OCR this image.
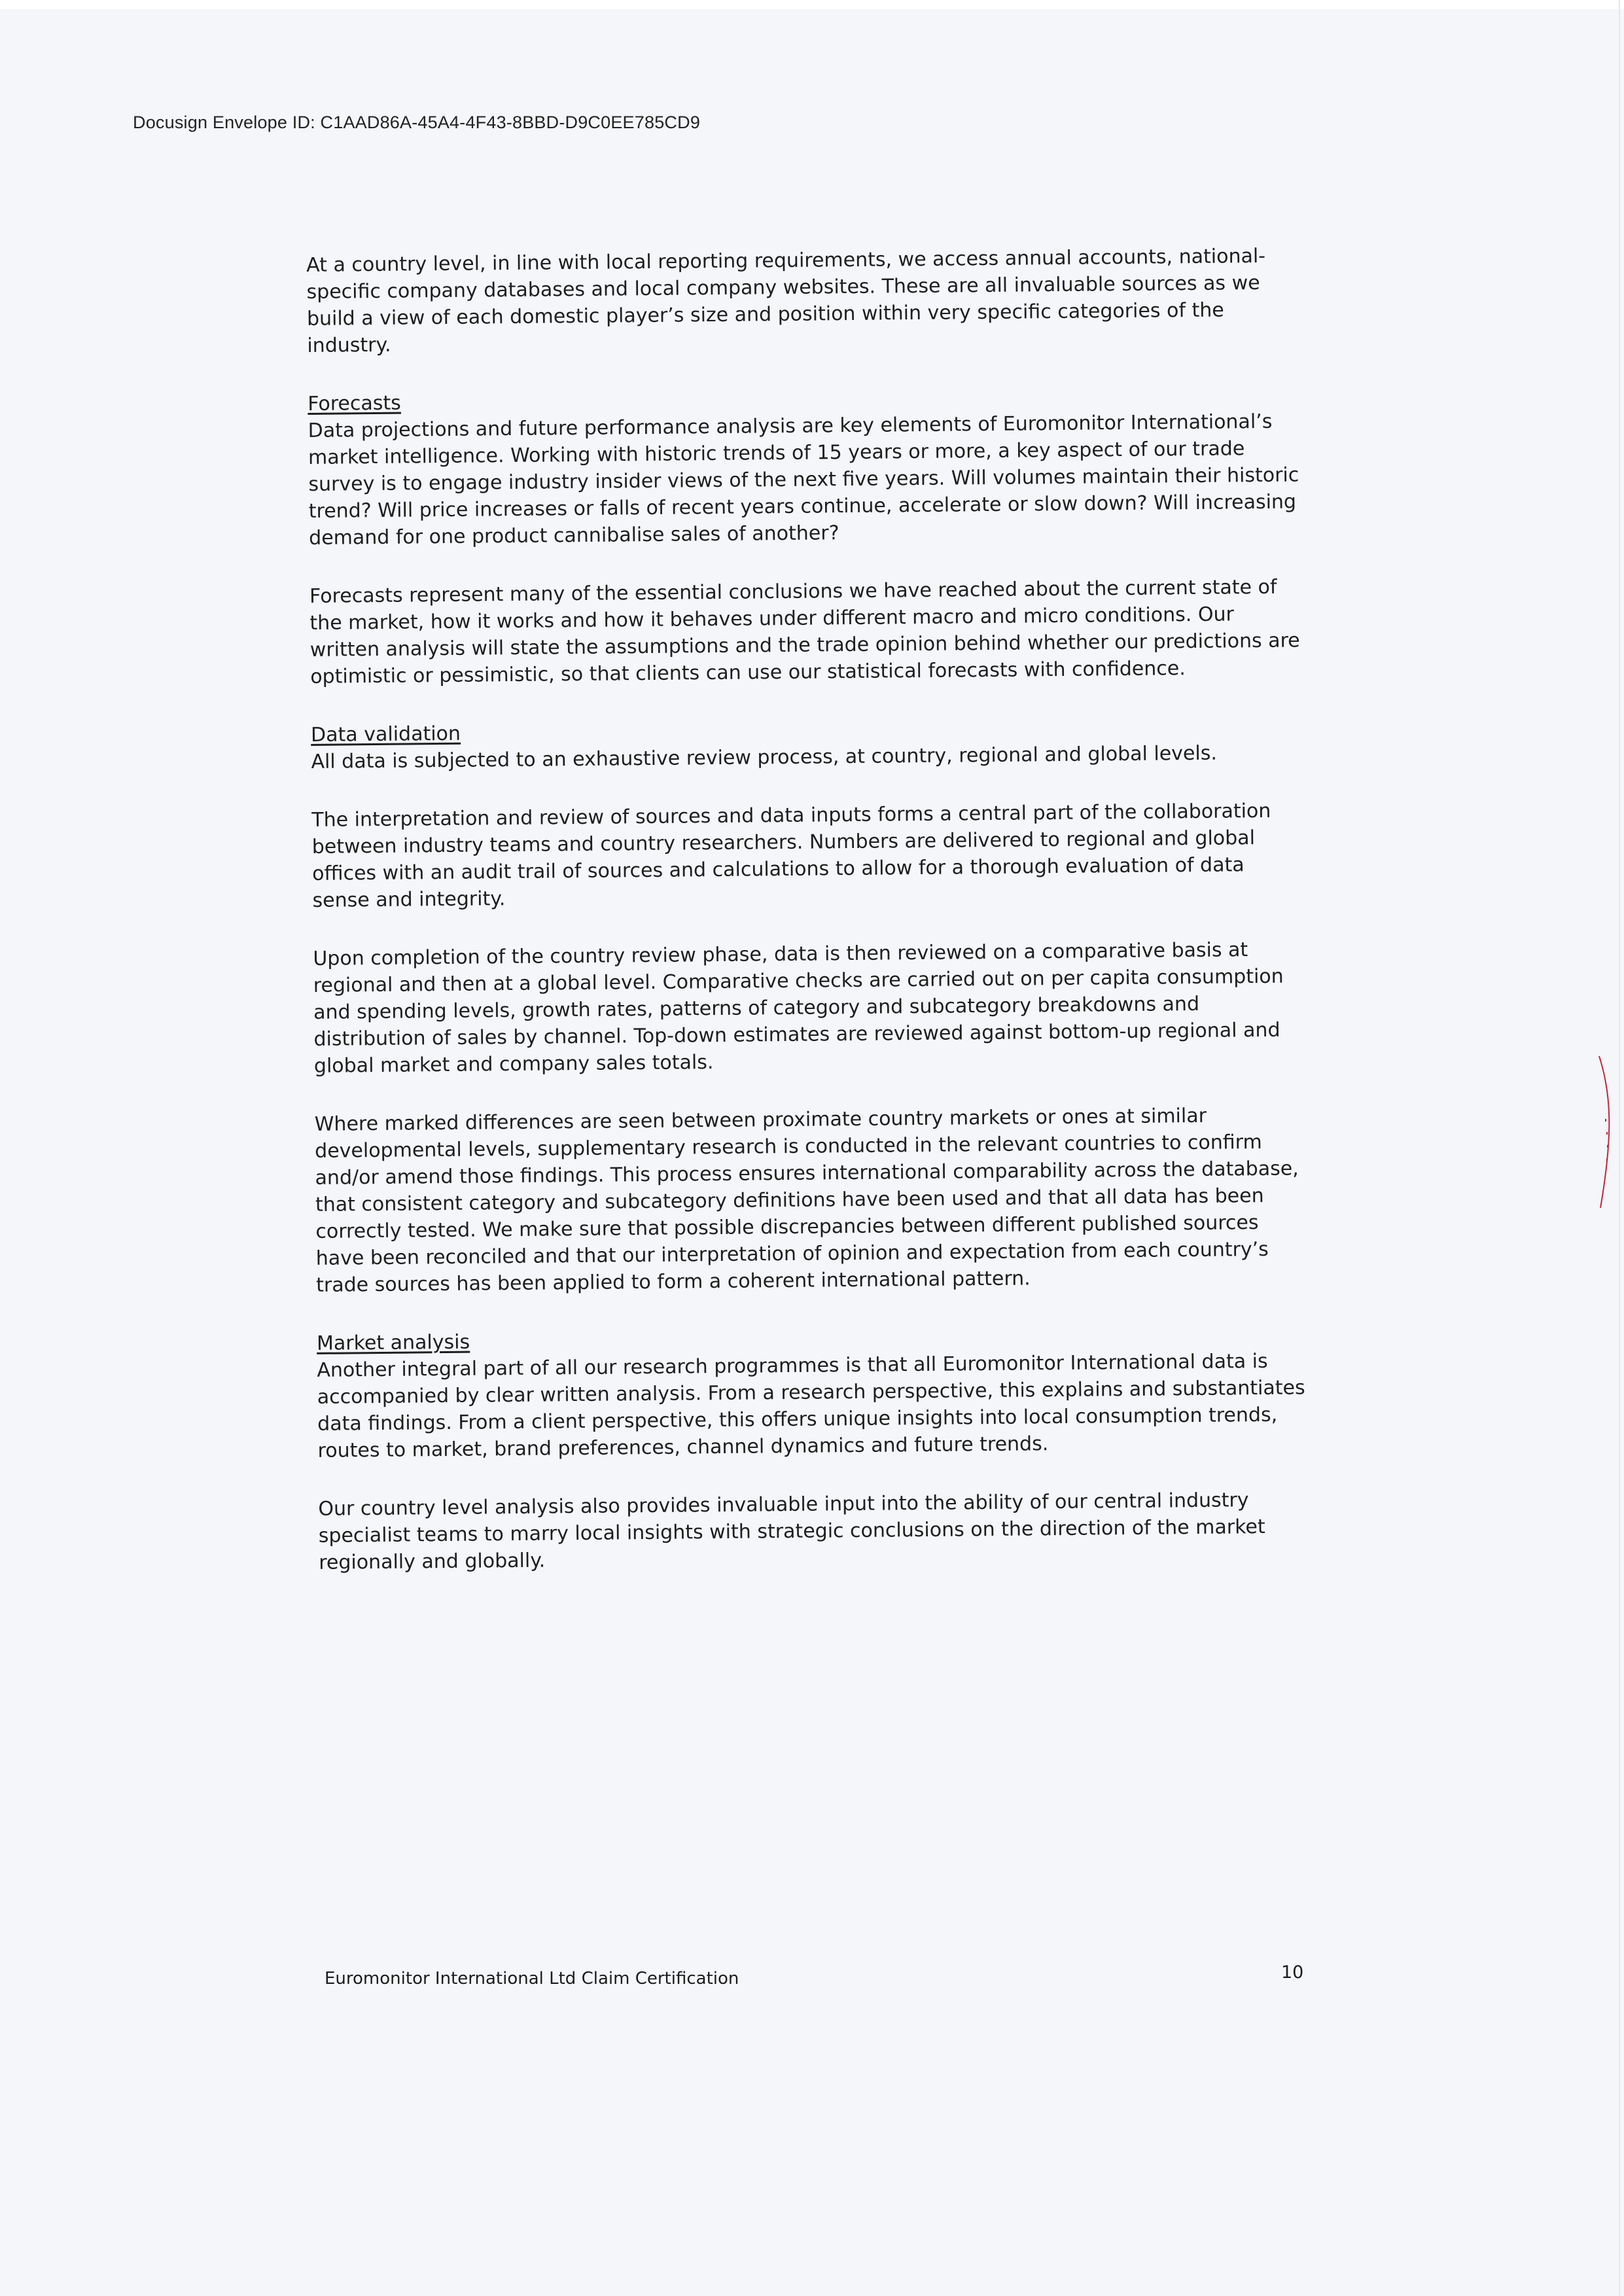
Docusign Envelope ID: C1AAD86A-45A4-4F43-8BBD-D9C0EE785CD9

At a country level, in line with local reporting requirements, we access annual accounts, national-specific company databases and local company websites. These are all invaluable sources as we build a view of each domestic player’s size and position within very specific categories of the industry.

Forecasts
Data projections and future performance analysis are key elements of Euromonitor International’s market intelligence. Working with historic trends of 15 years or more, a key aspect of our trade survey is to engage industry insider views of the next five years. Will volumes maintain their historic trend? Will price increases or falls of recent years continue, accelerate or slow down? Will increasing demand for one product cannibalise sales of another?

Forecasts represent many of the essential conclusions we have reached about the current state of the market, how it works and how it behaves under different macro and micro conditions. Our written analysis will state the assumptions and the trade opinion behind whether our predictions are optimistic or pessimistic, so that clients can use our statistical forecasts with confidence.

Data validation
All data is subjected to an exhaustive review process, at country, regional and global levels.

The interpretation and review of sources and data inputs forms a central part of the collaboration between industry teams and country researchers. Numbers are delivered to regional and global offices with an audit trail of sources and calculations to allow for a thorough evaluation of data sense and integrity.

Upon completion of the country review phase, data is then reviewed on a comparative basis at regional and then at a global level. Comparative checks are carried out on per capita consumption and spending levels, growth rates, patterns of category and subcategory breakdowns and distribution of sales by channel. Top-down estimates are reviewed against bottom-up regional and global market and company sales totals.

Where marked differences are seen between proximate country markets or ones at similar developmental levels, supplementary research is conducted in the relevant countries to confirm and/or amend those findings. This process ensures international comparability across the database, that consistent category and subcategory definitions have been used and that all data has been correctly tested. We make sure that possible discrepancies between different published sources have been reconciled and that our interpretation of opinion and expectation from each country’s trade sources has been applied to form a coherent international pattern.

Market analysis
Another integral part of all our research programmes is that all Euromonitor International data is accompanied by clear written analysis. From a research perspective, this explains and substantiates data findings. From a client perspective, this offers unique insights into local consumption trends, routes to market, brand preferences, channel dynamics and future trends.

Our country level analysis also provides invaluable input into the ability of our central industry specialist teams to marry local insights with strategic conclusions on the direction of the market regionally and globally.

Euromonitor International Ltd Claim Certification	10
